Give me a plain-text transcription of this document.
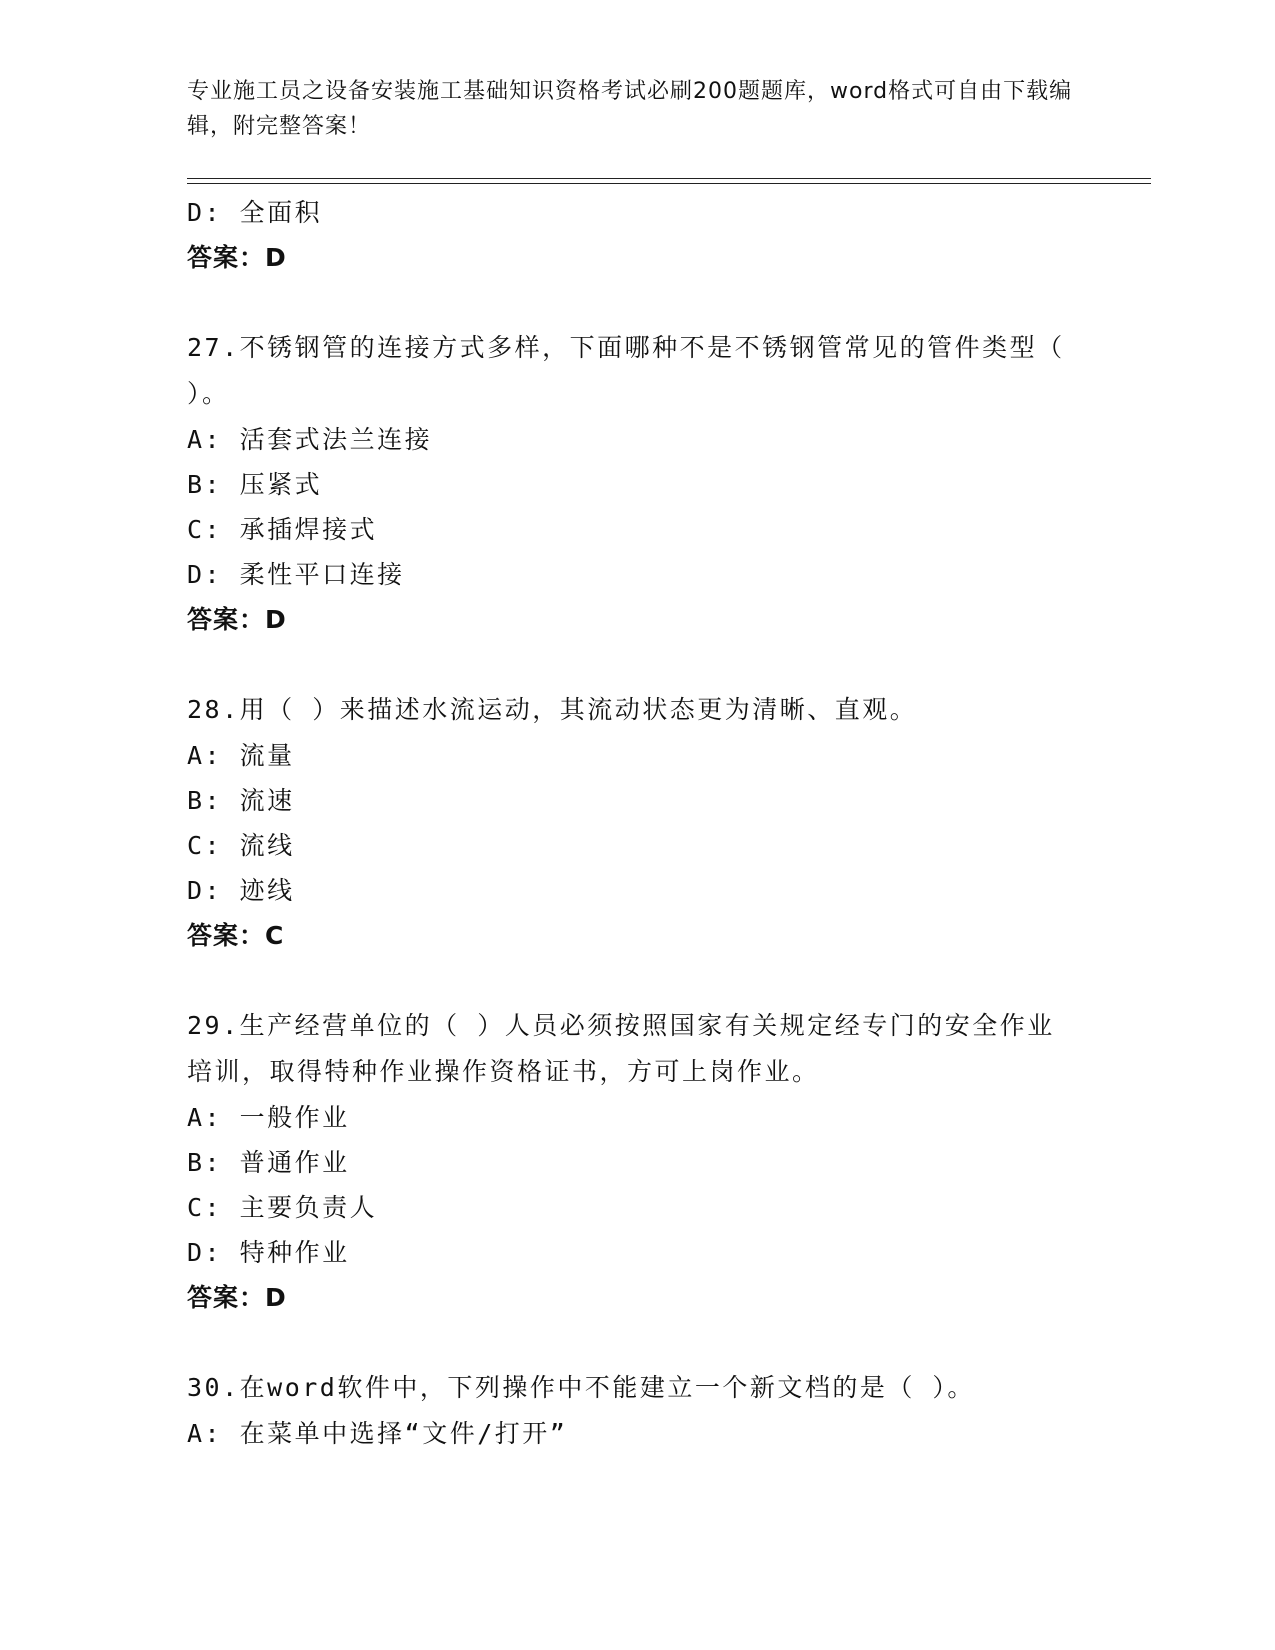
专业施工员之设备安装施工基础知识资格考试必刷200题题库，word格式可自由下载编辑，附完整答案！
D: 全面积
答案：D
27.不锈钢管的连接方式多样，下面哪种不是不锈钢管常见的管件类型（ ）。
A: 活套式法兰连接
B: 压紧式
C: 承插焊接式
D: 柔性平口连接
答案：D
28.用（ ）来描述水流运动，其流动状态更为清晰、直观。
A: 流量
B: 流速
C: 流线
D: 迹线
答案：C
29.生产经营单位的（ ）人员必须按照国家有关规定经专门的安全作业培训，取得特种作业操作资格证书，方可上岗作业。
A: 一般作业
B: 普通作业
C: 主要负责人
D: 特种作业
答案：D
30.在word软件中，下列操作中不能建立一个新文档的是（ ）。
A: 在菜单中选择“文件/打开”
